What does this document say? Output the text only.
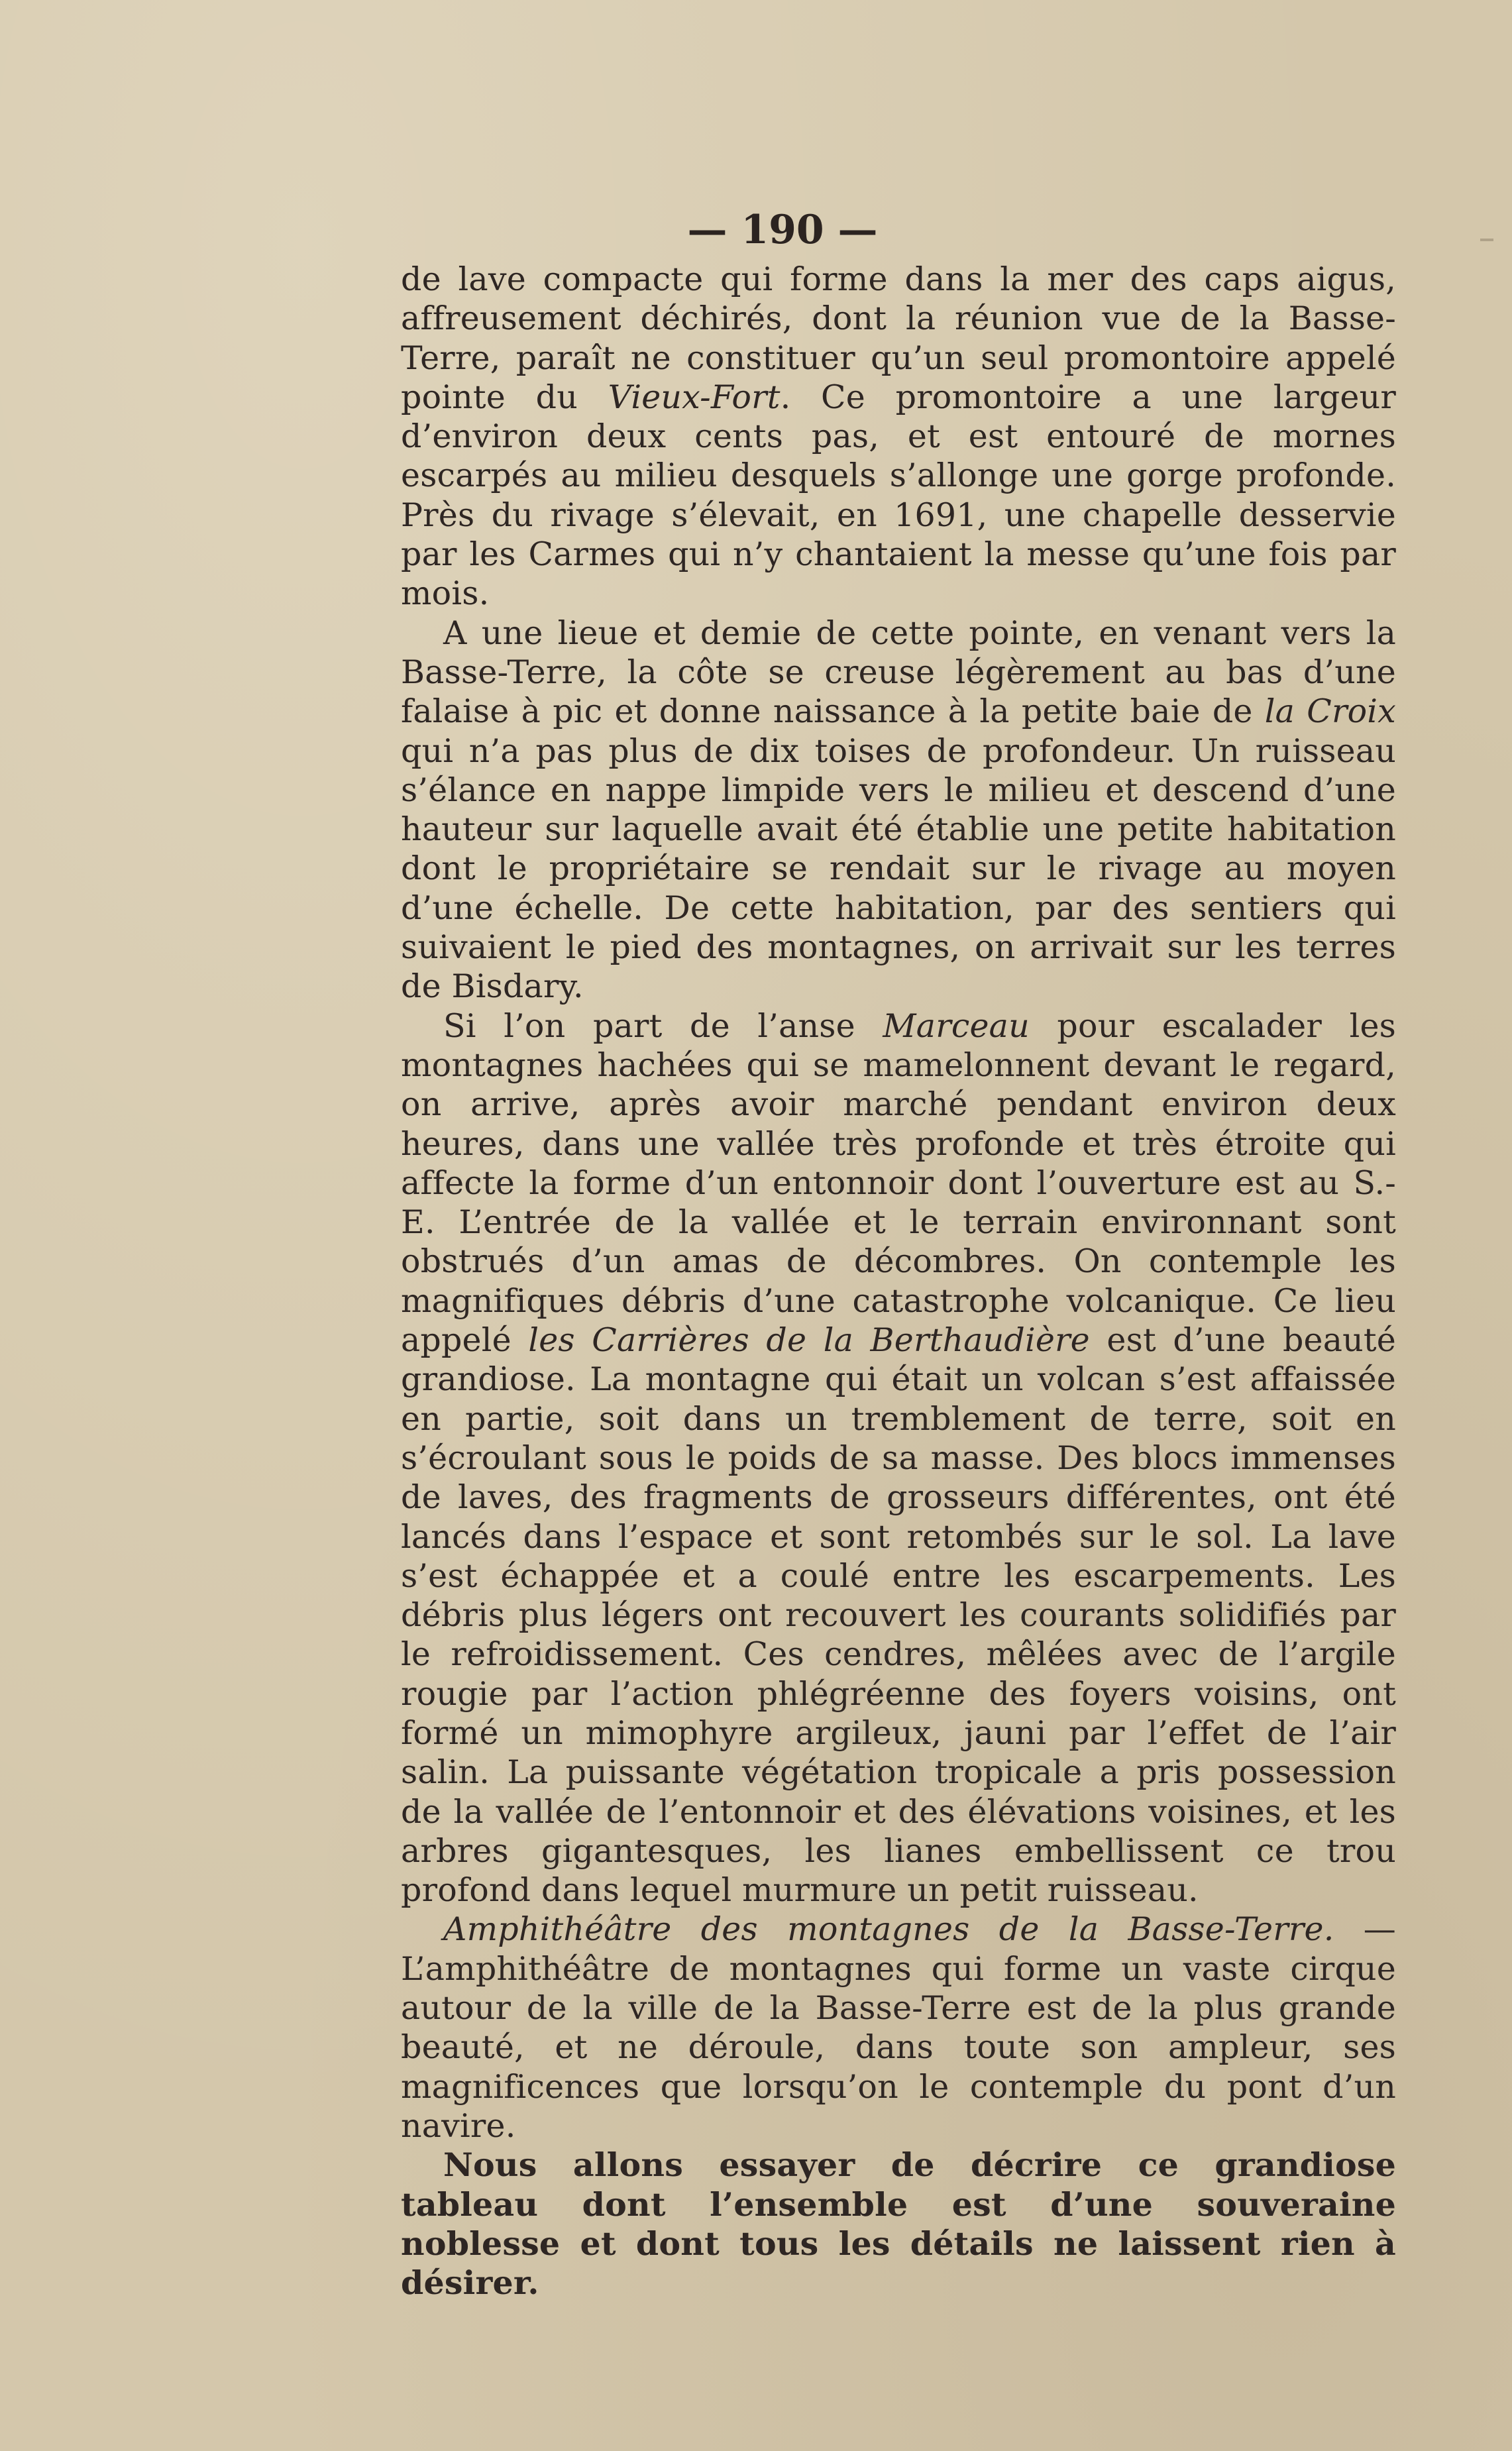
— 190 —

de lave compacte qui forme dans la mer des caps aigus, affreusement déchirés, dont la réunion vue de la Basse-Terre, paraît ne constituer qu’un seul promontoire appelé pointe du Vieux-Fort. Ce promontoire a une largeur d’environ deux cents pas, et est entouré de mornes escarpés au milieu desquels s’allonge une gorge profonde. Près du rivage s’élevait, en 1691, une chapelle desservie par les Carmes qui n’y chantaient la messe qu’une fois par mois.

A une lieue et demie de cette pointe, en venant vers la Basse-Terre, la côte se creuse légèrement au bas d’une falaise à pic et donne naissance à la petite baie de la Croix qui n’a pas plus de dix toises de profondeur. Un ruisseau s’élance en nappe limpide vers le milieu et descend d’une hauteur sur laquelle avait été établie une petite habitation dont le propriétaire se rendait sur le rivage au moyen d’une échelle. De cette habitation, par des sentiers qui suivaient le pied des montagnes, on arrivait sur les terres de Bisdary.

Si l’on part de l’anse Marceau pour escalader les montagnes hachées qui se mamelonnent devant le regard, on arrive, après avoir marché pendant environ deux heures, dans une vallée très profonde et très étroite qui affecte la forme d’un entonnoir dont l’ouverture est au S.-E. L’entrée de la vallée et le terrain environnant sont obstrués d’un amas de décombres. On contemple les magnifiques débris d’une catastrophe volcanique. Ce lieu appelé les Carrières de la Berthaudière est d’une beauté grandiose. La montagne qui était un volcan s’est affaissée en partie, soit dans un tremblement de terre, soit en s’écroulant sous le poids de sa masse. Des blocs immenses de laves, des fragments de grosseurs différentes, ont été lancés dans l’espace et sont retombés sur le sol. La lave s’est échappée et a coulé entre les escarpements. Les débris plus légers ont recouvert les courants solidifiés par le refroidissement. Ces cendres, mêlées avec de l’argile rougie par l’action phlégréenne des foyers voisins, ont formé un mimophyre argileux, jauni par l’effet de l’air salin. La puissante végétation tropicale a pris possession de la vallée de l’entonnoir et des élévations voisines, et les arbres gigantesques, les lianes embellissent ce trou profond dans lequel murmure un petit ruisseau.

Amphithéâtre des montagnes de la Basse-Terre. — L’amphithéâtre de montagnes qui forme un vaste cirque autour de la ville de la Basse-Terre est de la plus grande beauté, et ne déroule, dans toute son ampleur, ses magnificences que lorsqu’on le contemple du pont d’un navire.

Nous allons essayer de décrire ce grandiose tableau dont l’ensemble est d’une souveraine noblesse et dont tous les détails ne laissent rien à désirer.
